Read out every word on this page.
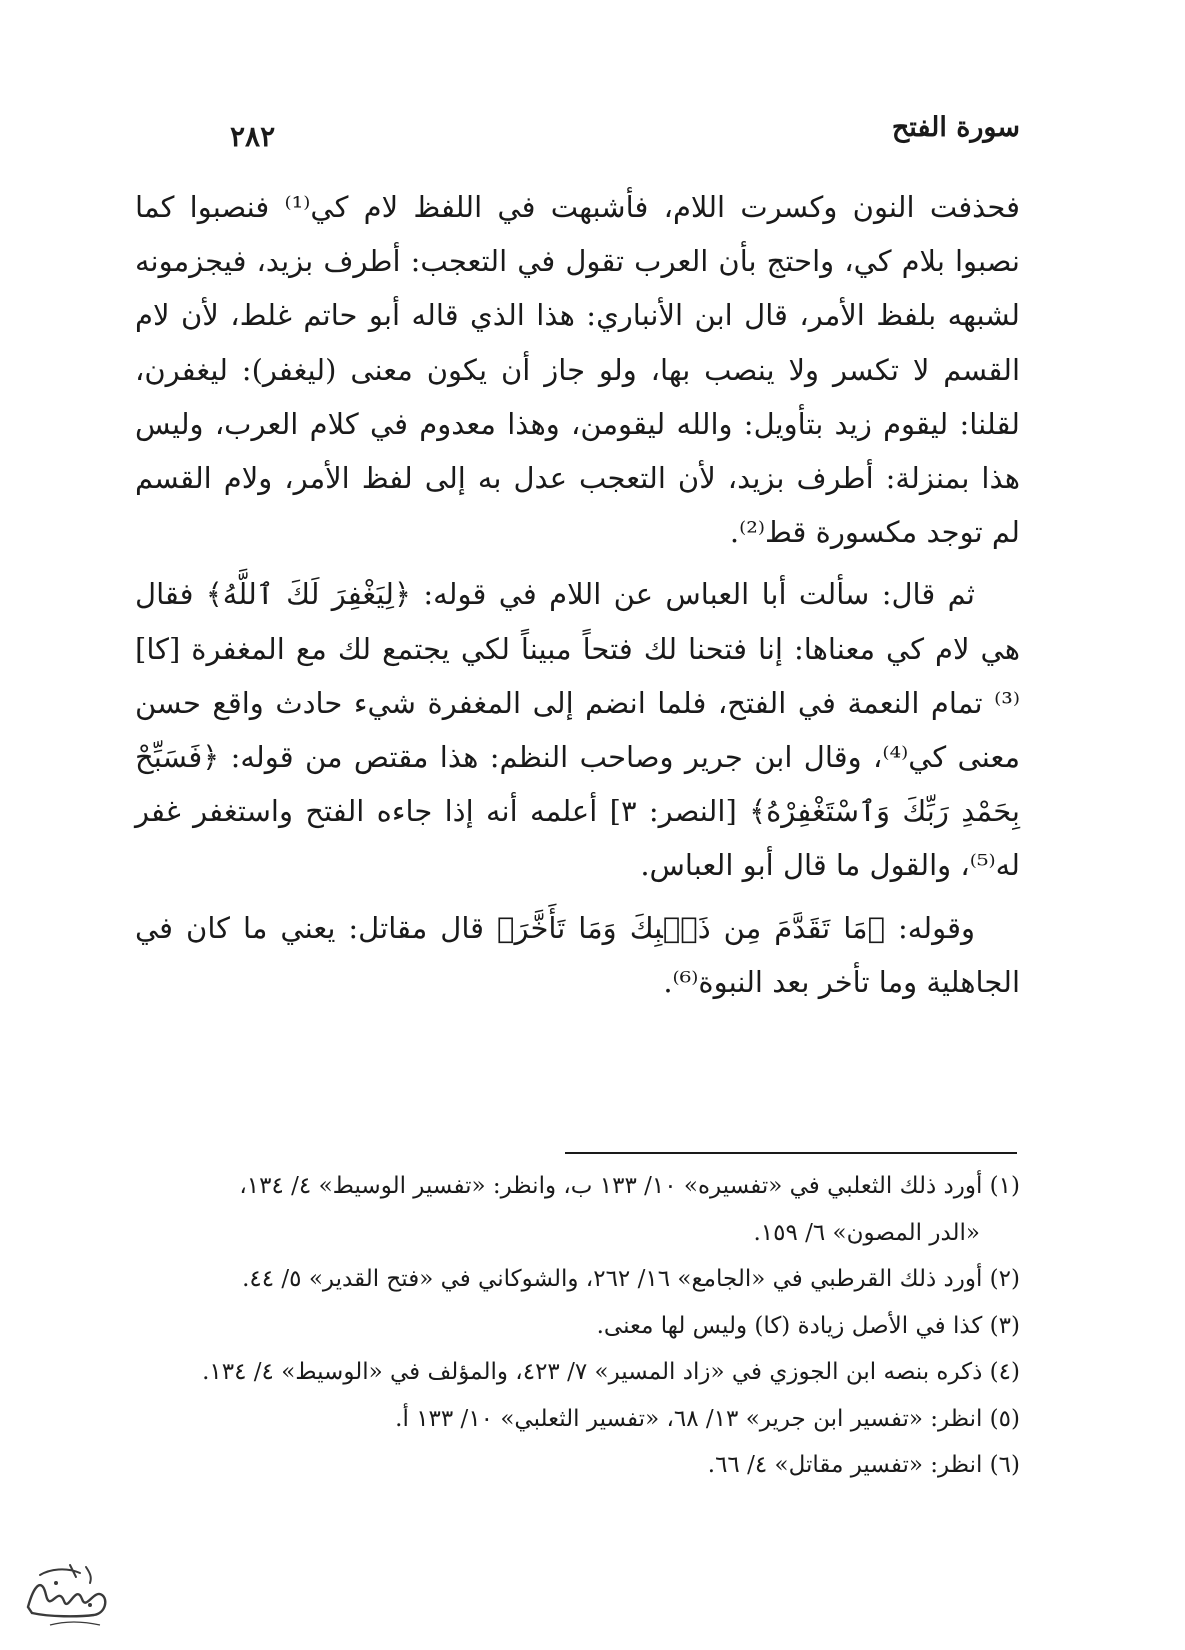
سورة الفتح
٢٨٢

فحذفت النون وكسرت اللام، فأشبهت في اللفظ لام كي⁽¹⁾ فنصبوا كما نصبوا بلام كي، واحتج بأن العرب تقول في التعجب: أطرف بزيد، فيجزمونه لشبهه بلفظ الأمر، قال ابن الأنباري: هذا الذي قاله أبو حاتم غلط، لأن لام القسم لا تكسر ولا ينصب بها، ولو جاز أن يكون معنى (ليغفر): ليغفرن، لقلنا: ليقوم زيد بتأويل: والله ليقومن، وهذا معدوم في كلام العرب، وليس هذا بمنزلة: أطرف بزيد، لأن التعجب عدل به إلى لفظ الأمر، ولام القسم لم توجد مكسورة قط⁽²⁾.

ثم قال: سألت أبا العباس عن اللام في قوله: ﴿لِيَغْفِرَ لَكَ ٱللَّهُ﴾ فقال هي لام كي معناها: إنا فتحنا لك فتحاً مبيناً لكي يجتمع لك مع المغفرة [كا]⁽³⁾ تمام النعمة في الفتح، فلما انضم إلى المغفرة شيء حادث واقع حسن معنى كي⁽⁴⁾، وقال ابن جرير وصاحب النظم: هذا مقتص من قوله: ﴿فَسَبِّحْ بِحَمْدِ رَبِّكَ وَٱسْتَغْفِرْهُ﴾ [النصر: ٣] أعلمه أنه إذا جاءه الفتح واستغفر غفر له⁽⁵⁾، والقول ما قال أبو العباس.

وقوله: ﴿مَا تَقَدَّمَ مِن ذَنۢبِكَ وَمَا تَأَخَّرَ﴾ قال مقاتل: يعني ما كان في الجاهلية وما تأخر بعد النبوة⁽⁶⁾.

(١) أورد ذلك الثعلبي في «تفسيره» ١٠/ ١٣٣ ب، وانظر: «تفسير الوسيط» ٤/ ١٣٤،

«الدر المصون» ٦/ ١٥٩.

(٢) أورد ذلك القرطبي في «الجامع» ١٦/ ٢٦٢، والشوكاني في «فتح القدير» ٥/ ٤٤.

(٣) كذا في الأصل زيادة (كا) وليس لها معنى.

(٤) ذكره بنصه ابن الجوزي في «زاد المسير» ٧/ ٤٢٣، والمؤلف في «الوسيط» ٤/ ١٣٤.

(٥) انظر: «تفسير ابن جرير» ١٣/ ٦٨، «تفسير الثعلبي» ١٠/ ١٣٣ أ.

(٦) انظر: «تفسير مقاتل» ٤/ ٦٦.
